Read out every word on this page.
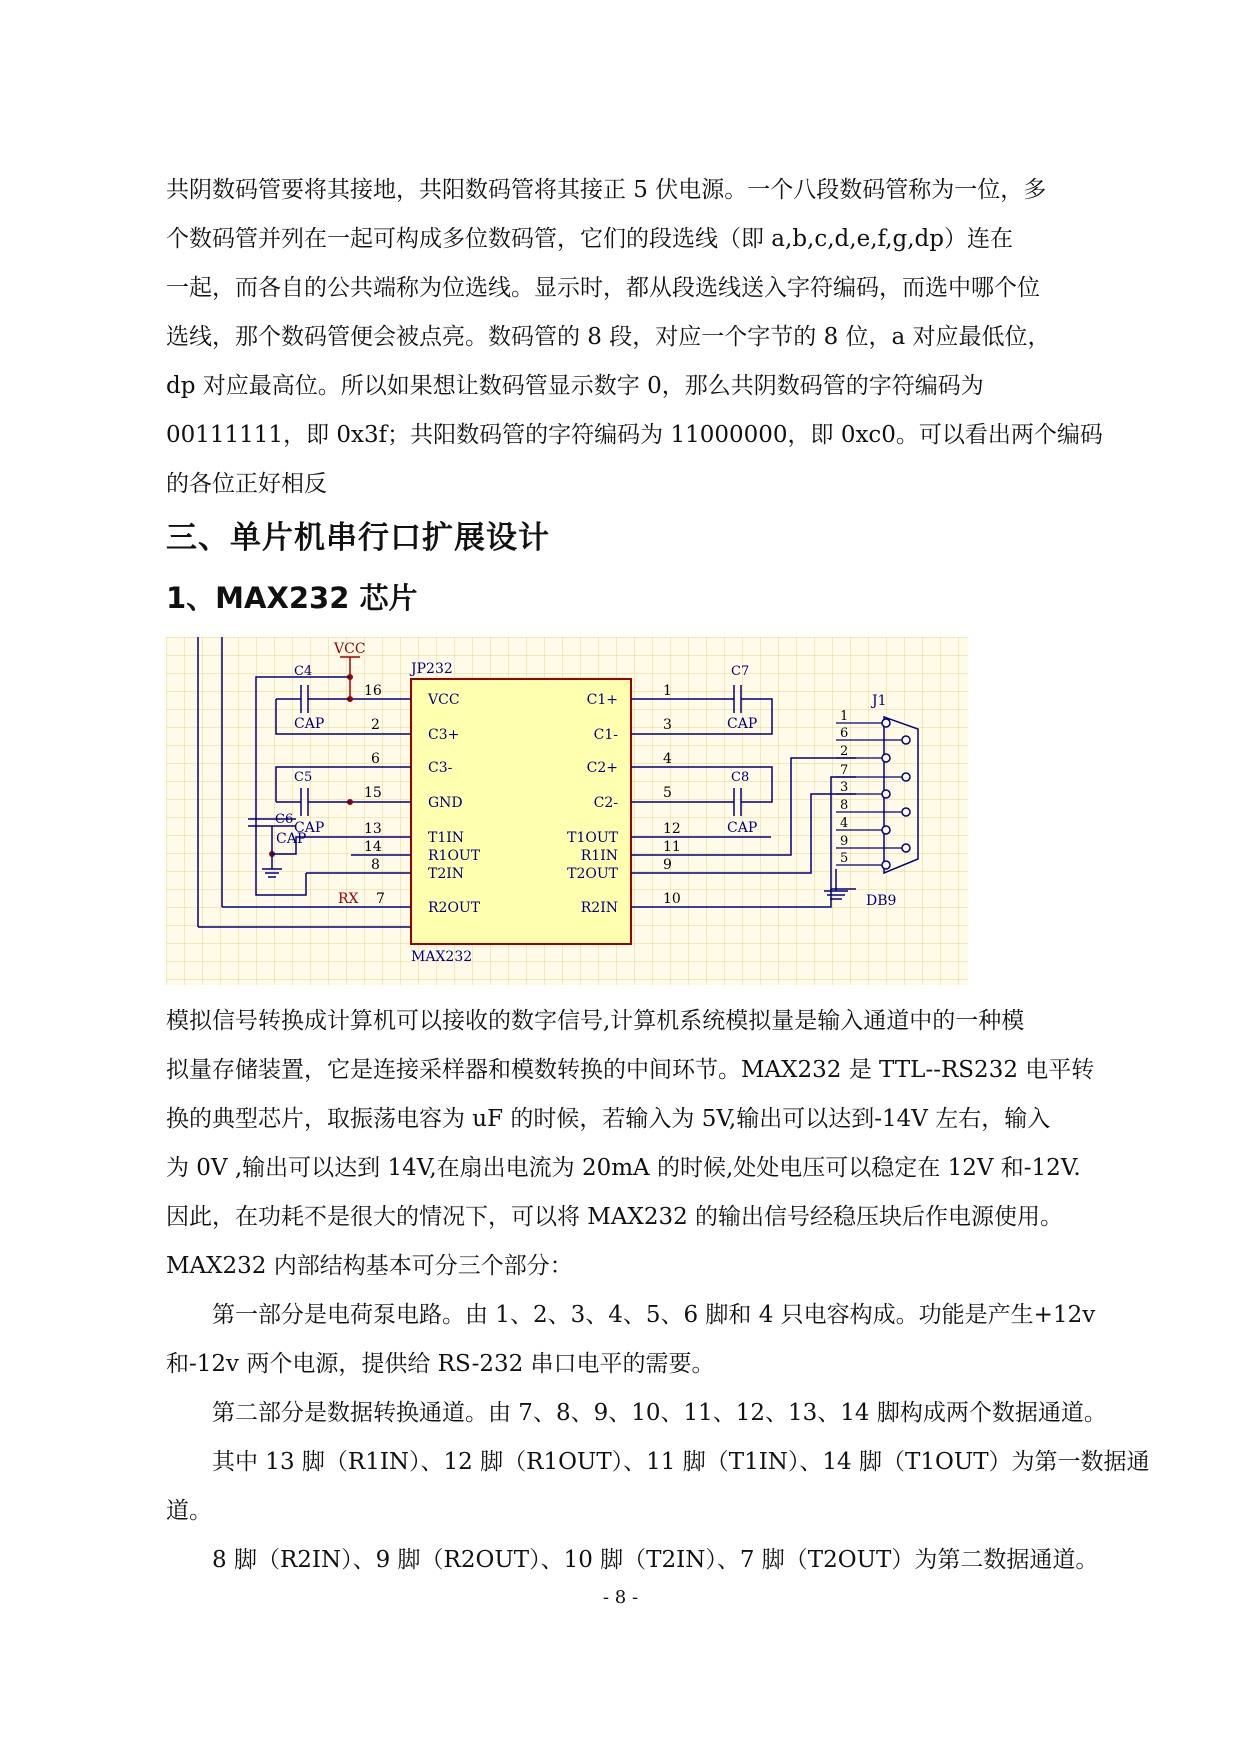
共阴数码管要将其接地，共阳数码管将其接正 5 伏电源。一个八段数码管称为一位，多
个数码管并列在一起可构成多位数码管，它们的段选线（即 a,b,c,d,e,f,g,dp）连在
一起，而各自的公共端称为位选线。显示时，都从段选线送入字符编码，而选中哪个位
选线，那个数码管便会被点亮。数码管的 8 段，对应一个字节的 8 位，a 对应最低位，
dp 对应最高位。所以如果想让数码管显示数字 0，那么共阴数码管的字符编码为
00111111，即 0x3f；共阳数码管的字符编码为 11000000，即 0xc0。可以看出两个编码
的各位正好相反
三、单片机串行口扩展设计
1、MAX232 芯片
JP232
MAX232
16
2
6
15
13
14
8
7
VCC
C3+
C3-
GND
T1IN
R1OUT
T2IN
R2OUT
1
3
4
5
12
11
9
10
C1+
C1-
C2+
C2-
T1OUT
R1IN
T2OUT
R2IN
VCC
C4
CAP
C5
CAP
C6
CAP
RX
C7
CAP
C8
CAP
J1
DB9
1
6
2
7
3
8
4
9
5
模拟信号转换成计算机可以接收的数字信号,计算机系统模拟量是输入通道中的一种模
拟量存储装置，它是连接采样器和模数转换的中间环节。MAX232 是 TTL--RS232 电平转
换的典型芯片，取振荡电容为 uF 的时候，若输入为 5V,输出可以达到-14V 左右，输入
为 0V ,输出可以达到 14V,在扇出电流为 20mA 的时候,处处电压可以稳定在 12V 和-12V.
因此，在功耗不是很大的情况下，可以将 MAX232 的输出信号经稳压块后作电源使用。
MAX232 内部结构基本可分三个部分：
　　第一部分是电荷泵电路。由 1、2、3、4、5、6 脚和 4 只电容构成。功能是产生+12v
和-12v 两个电源，提供给 RS-232 串口电平的需要。
　　第二部分是数据转换通道。由 7、8、9、10、11、12、13、14 脚构成两个数据通道。
　　其中 13 脚（R1IN）、12 脚（R1OUT）、11 脚（T1IN）、14 脚（T1OUT）为第一数据通
道。
　　8 脚（R2IN）、9 脚（R2OUT）、10 脚（T2IN）、7 脚（T2OUT）为第二数据通道。
- 8 -
